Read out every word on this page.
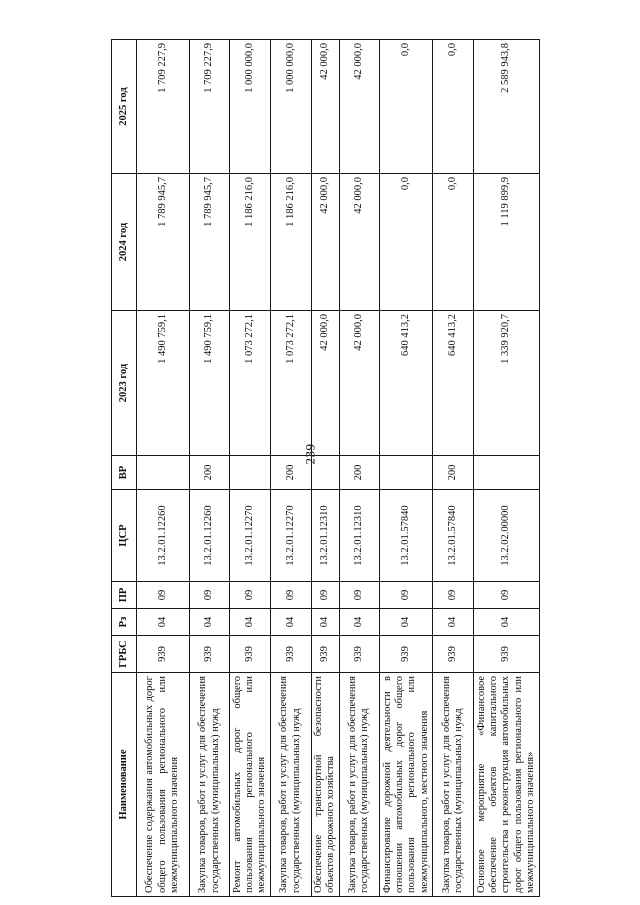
239
Наименование	ГРБС	Рз	ПР	ЦСР	ВР	2023 год	2024 год	2025 год
Обеспечение содержания автомобильных дорог общего пользования регионального или межмуниципального значения	939	04	09	13.2.01.12260		1 490 759,1	1 789 945,7	1 709 227,9
Закупка товаров, работ и услуг для обеспечения государственных (муниципальных) нужд	939	04	09	13.2.01.12260	200	1 490 759,1	1 789 945,7	1 709 227,9
Ремонт автомобильных дорог общего пользования регионального или межмуниципального значения	939	04	09	13.2.01.12270		1 073 272,1	1 186 216,0	1 000 000,0
Закупка товаров, работ и услуг для обеспечения государственных (муниципальных) нужд	939	04	09	13.2.01.12270	200	1 073 272,1	1 186 216,0	1 000 000,0
Обеспечение транспортной безопасности объектов дорожного хозяйства	939	04	09	13.2.01.12310		42 000,0	42 000,0	42 000,0
Закупка товаров, работ и услуг для обеспечения государственных (муниципальных) нужд	939	04	09	13.2.01.12310	200	42 000,0	42 000,0	42 000,0
Финансирование дорожной деятельности в отношении автомобильных дорог общего пользования регионального или межмуниципального, местного значения	939	04	09	13.2.01.57840		640 413,2	0,0	0,0
Закупка товаров, работ и услуг для обеспечения государственных (муниципальных) нужд	939	04	09	13.2.01.57840	200	640 413,2	0,0	0,0
Основное мероприятие «Финансовое обеспечение объектов капитального строительства и реконструкция автомобильных дорог общего пользования регионального или межмуниципального значения»	939	04	09	13.2.02.00000		1 339 920,7	1 119 899,9	2 589 943,8
